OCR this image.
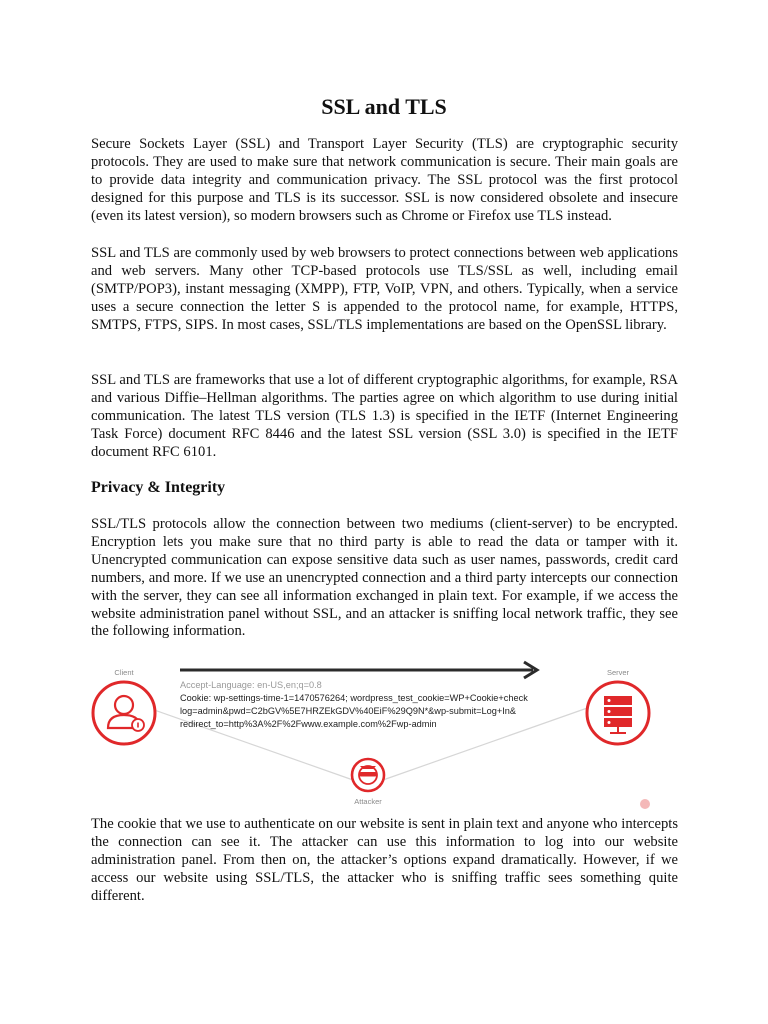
SSL and TLS

Secure Sockets Layer (SSL) and Transport Layer Security (TLS) are cryptographic security protocols. They are used to make sure that network communication is secure. Their main goals are to provide data integrity and communication privacy. The SSL protocol was the first protocol designed for this purpose and TLS is its successor. SSL is now considered obsolete and insecure (even its latest version), so modern browsers such as Chrome or Firefox use TLS instead.

SSL and TLS are commonly used by web browsers to protect connections between web applications and web servers. Many other TCP-based protocols use TLS/SSL as well, including email (SMTP/POP3), instant messaging (XMPP), FTP, VoIP, VPN, and others. Typically, when a service uses a secure connection the letter S is appended to the protocol name, for example, HTTPS, SMTPS, FTPS, SIPS. In most cases, SSL/TLS implementations are based on the OpenSSL library.

SSL and TLS are frameworks that use a lot of different cryptographic algorithms, for example, RSA and various Diffie–Hellman algorithms. The parties agree on which algorithm to use during initial communication. The latest TLS version (TLS 1.3) is specified in the IETF (Internet Engineering Task Force) document RFC 8446 and the latest SSL version (SSL 3.0) is specified in the IETF document RFC 6101.

Privacy & Integrity

SSL/TLS protocols allow the connection between two mediums (client-server) to be encrypted. Encryption lets you make sure that no third party is able to read the data or tamper with it. Unencrypted communication can expose sensitive data such as user names, passwords, credit card numbers, and more. If we use an unencrypted connection and a third party intercepts our connection with the server, they can see all information exchanged in plain text. For example, if we access the website administration panel without SSL, and an attacker is sniffing local network traffic, they see the following information.

Client
Accept-Language: en-US,en;q=0.8
Cookie: wp-settings-time-1=1470576264; wordpress_test_cookie=WP+Cookie+check
log=admin&pwd=C2bGV%5E7HRZEkGDV%40EiF%29Q9N*&wp-submit=Log+In&
redirect_to=http%3A%2F%2Fwww.example.com%2Fwp-admin
Server
Attacker

The cookie that we use to authenticate on our website is sent in plain text and anyone who intercepts the connection can see it. The attacker can use this information to log into our website administration panel. From then on, the attacker’s options expand dramatically. However, if we access our website using SSL/TLS, the attacker who is sniffing traffic sees something quite different.
